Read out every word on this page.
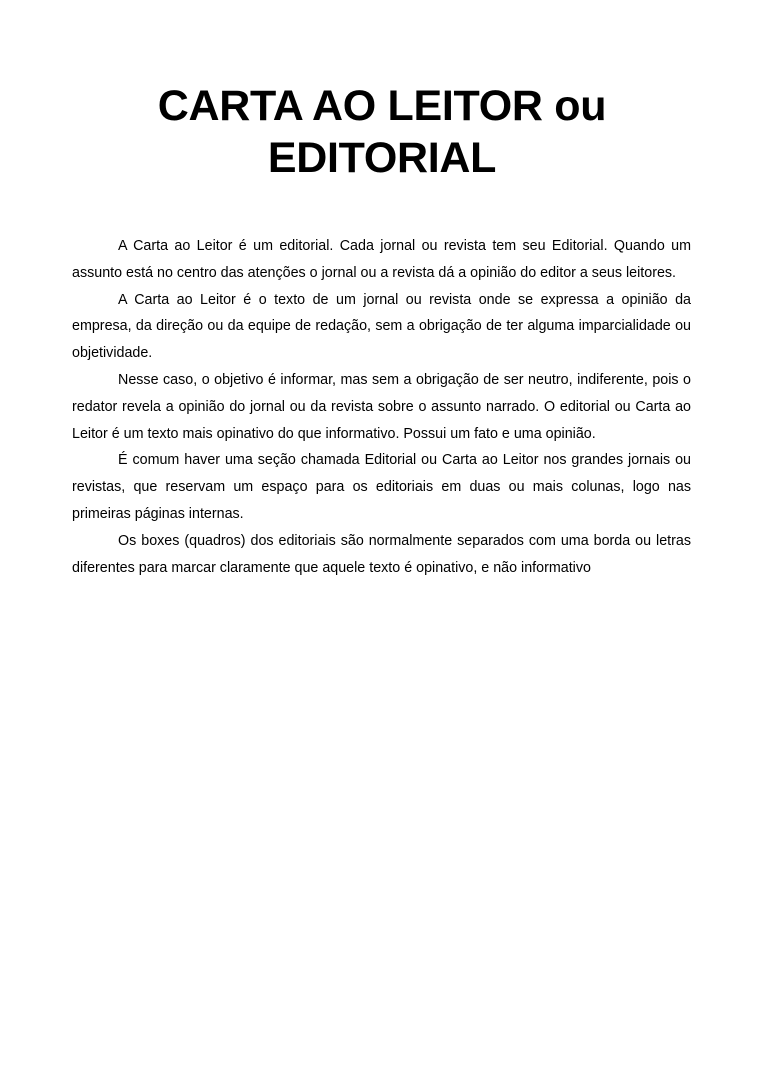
CARTA AO LEITOR ou EDITORIAL

A Carta ao Leitor é um editorial. Cada jornal ou revista tem seu Editorial. Quando um assunto está no centro das atenções o jornal ou a revista dá a opinião do editor a seus leitores.

A Carta ao Leitor é o texto de um jornal ou revista onde se expressa a opinião da empresa, da direção ou da equipe de redação, sem a obrigação de ter alguma imparcialidade ou objetividade.

Nesse caso, o objetivo é informar, mas sem a obrigação de ser neutro, indiferente, pois o redator revela a opinião do jornal ou da revista sobre o assunto narrado. O editorial ou Carta ao Leitor é um texto mais opinativo do que informativo. Possui um fato e uma opinião.

É comum haver uma seção chamada Editorial ou Carta ao Leitor nos grandes jornais ou revistas, que reservam um espaço para os editoriais em duas ou mais colunas, logo nas primeiras páginas internas.

Os boxes (quadros) dos editoriais são normalmente separados com uma borda ou letras diferentes para marcar claramente que aquele texto é opinativo, e não informativo
